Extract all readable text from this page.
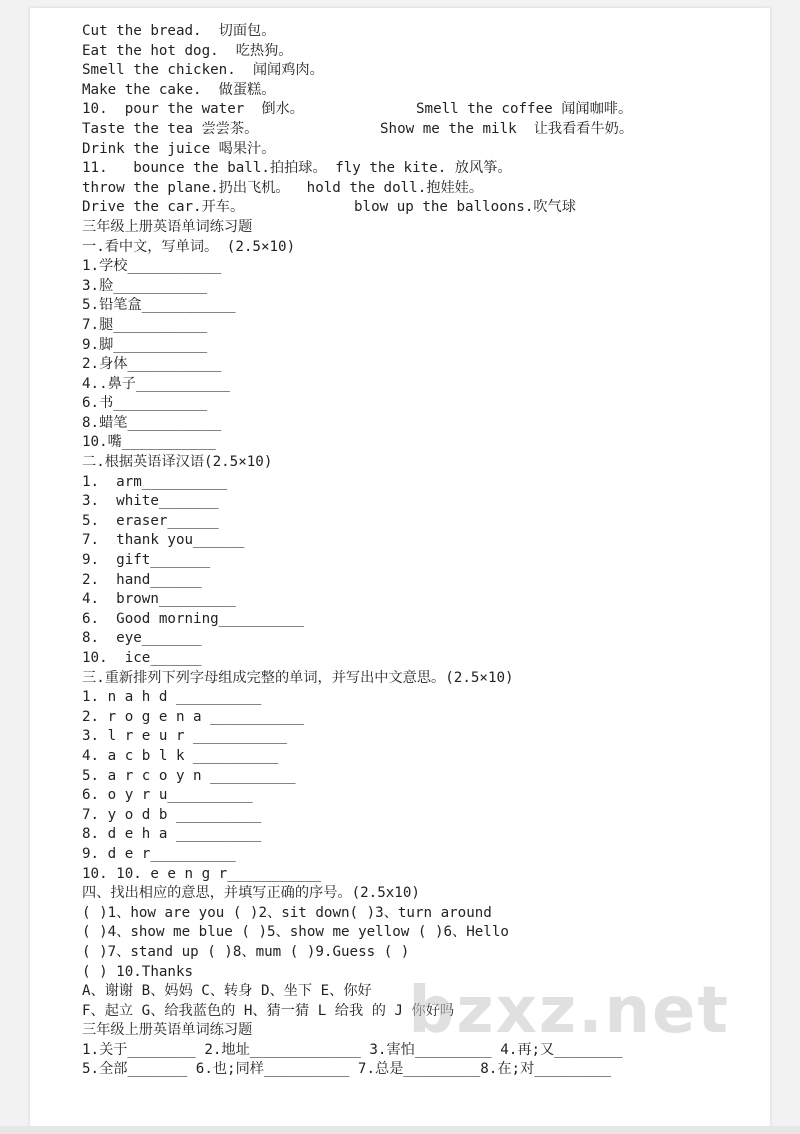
Cut the bread.  切面包。
Eat the hot dog.  吃热狗。
Smell the chicken.  闻闻鸡肉。
Make the cake.  做蛋糕。
10.  pour the water  倒水。	Smell the coffee 闻闻咖啡。
Taste the tea 尝尝茶。	Show me the milk  让我看看牛奶。
Drink the juice 喝果汁。
11.   bounce the ball.拍拍球。 fly the kite. 放风筝。
throw the plane.扔出飞机。  hold the doll.抱娃娃。
Drive the car.开车。	blow up the balloons.吹气球
三年级上册英语单词练习题
一.看中文，写单词。 (2.5×10)
1.学校___________
3.脸___________
5.铅笔盒___________
7.腿___________
9.脚___________
2.身体___________
4..鼻子___________
6.书___________
8.蜡笔___________
10.嘴___________
二.根据英语译汉语(2.5×10)
1.  arm__________
3.  white_______
5.  eraser______
7.  thank you______
9.  gift_______
2.  hand______
4.  brown_________
6.  Good morning__________
8.  eye_______
10.  ice______
三.重新排列下列字母组成完整的单词，并写出中文意思。(2.5×10)
1. n a h d __________
2. r o g e n a ___________
3. l r e u r ___________
4. a c b l k __________
5. a r c o y n __________
6. o y r u__________
7. y o d b __________
8. d e h a __________
9. d e r__________
10. 10. e e n g r___________
四、找出相应的意思，并填写正确的序号。(2.5x10)
( )1、how are you ( )2、sit down( )3、turn around
( )4、show me blue ( )5、show me yellow ( )6、Hello
( )7、stand up ( )8、mum ( )9.Guess ( )
( ) 10.Thanks
A、谢谢 B、妈妈 C、转身 D、坐下 E、你好
F、起立 G、给我蓝色的 H、猜一猜 L 给我 的 J 你好吗
三年级上册英语单词练习题
1.关于________ 2.地址_____________ 3.害怕_________ 4.再;又________
5.全部_______ 6.也;同样__________ 7.总是_________8.在;对_________
bzxz.net
